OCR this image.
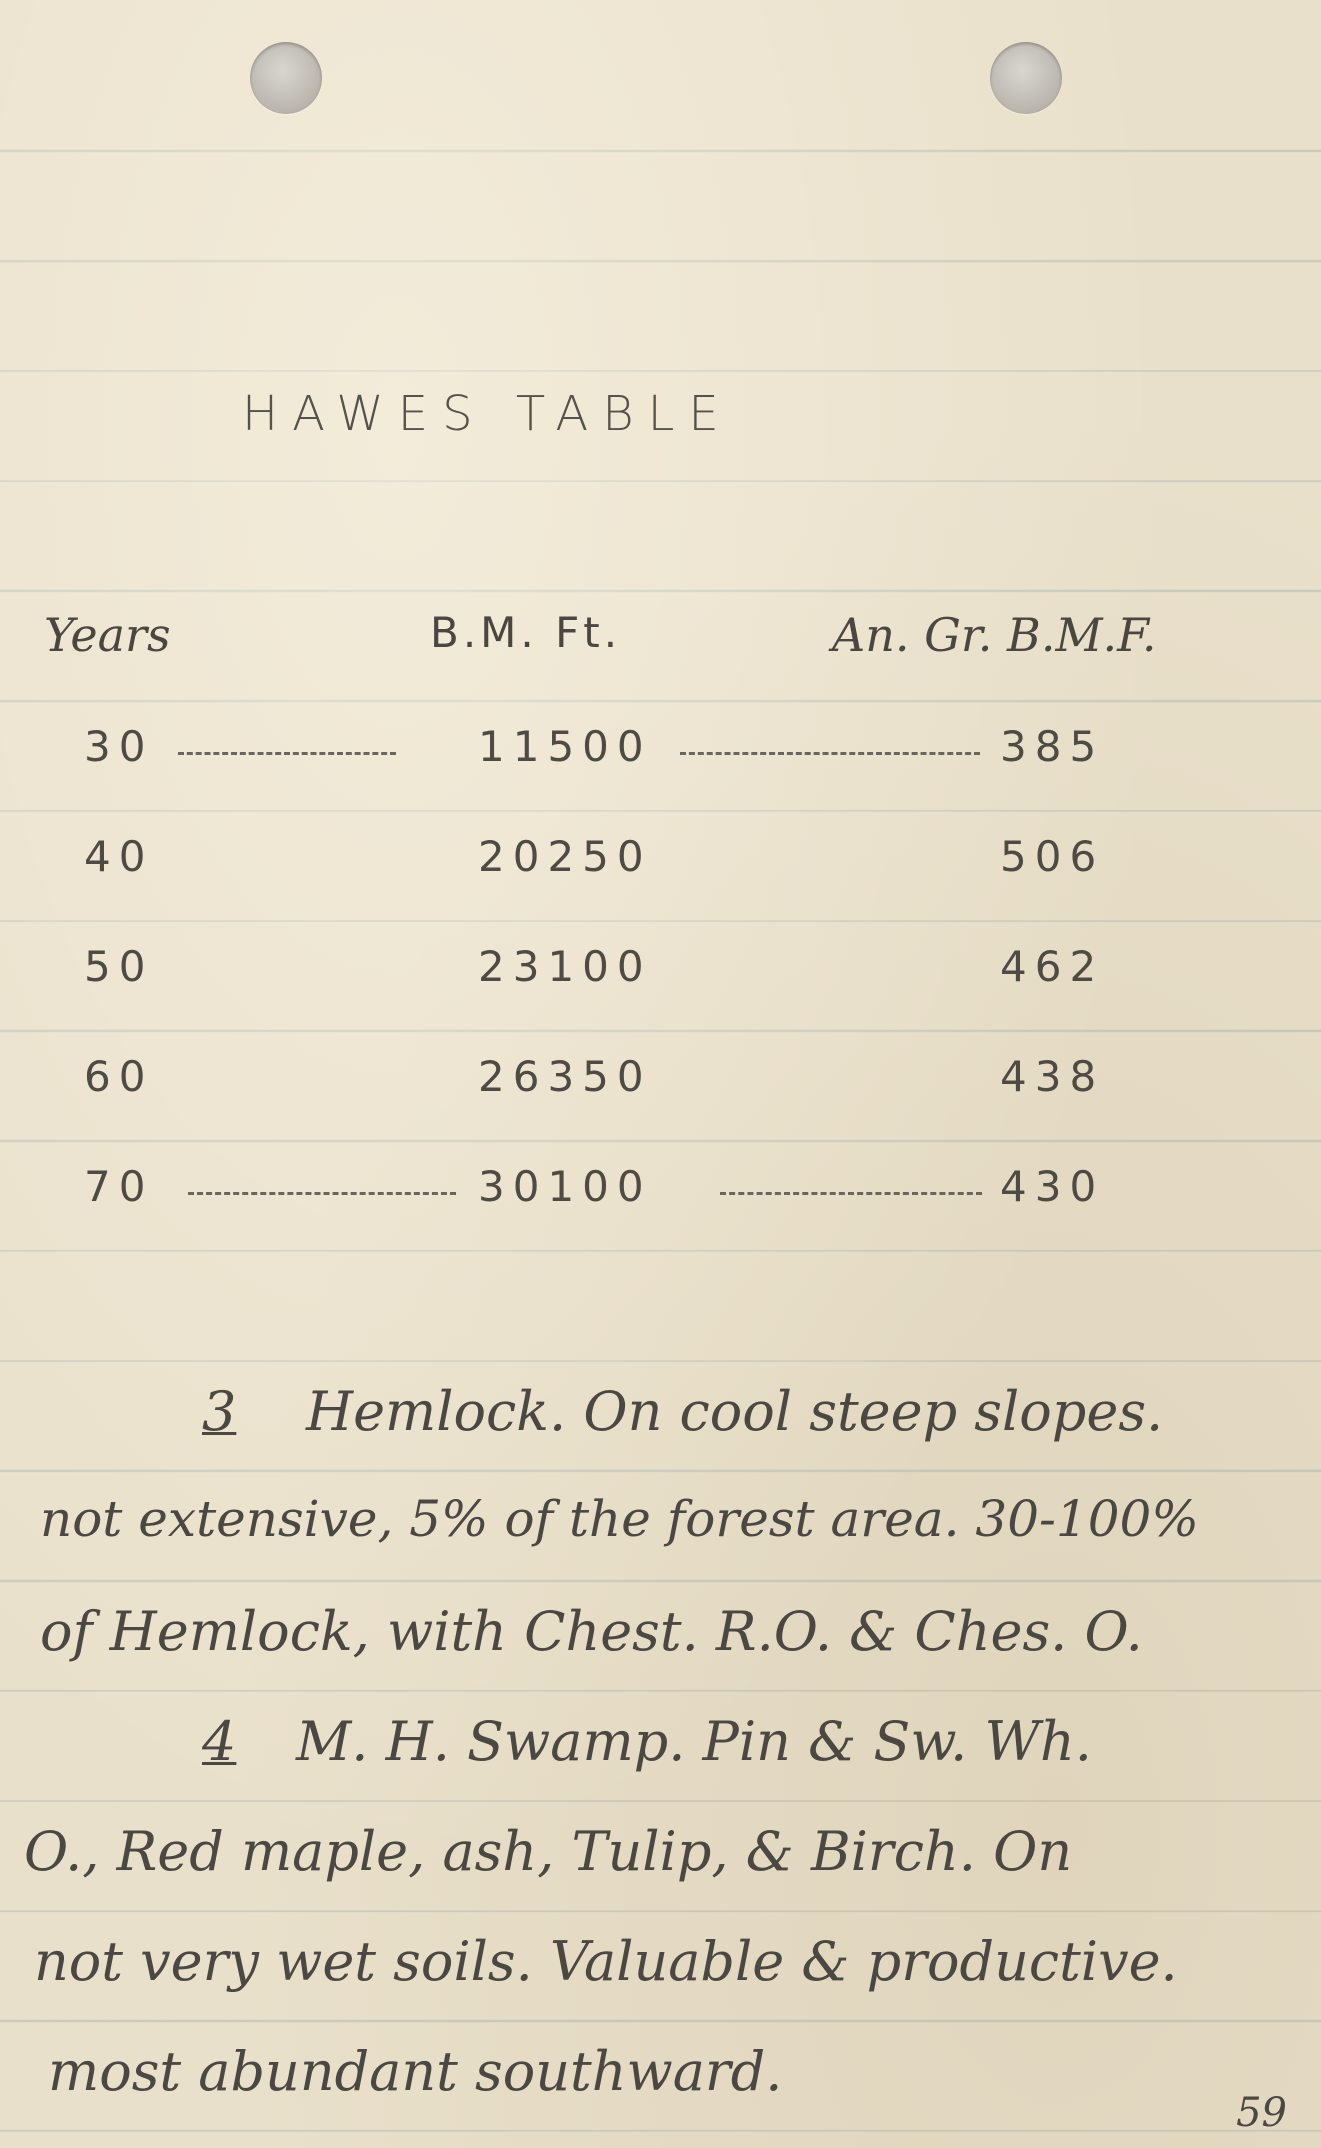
HAWES TABLE
Years	B.M. Ft.	An. Gr. B.M.F.
30	11500	385
40	20250	506
50	23100	462
60	26350	438
70	30100	430
3 Hemlock. On cool steep slopes.
not extensive, 5% of the forest area. 30-100%
of Hemlock, with Chest. R.O. & Ches. O.
4 M. H. Swamp. Pin & Sw. Wh.
O., Red maple, ash, Tulip, & Birch. On
not very wet soils. Valuable & productive.
most abundant southward.
59
